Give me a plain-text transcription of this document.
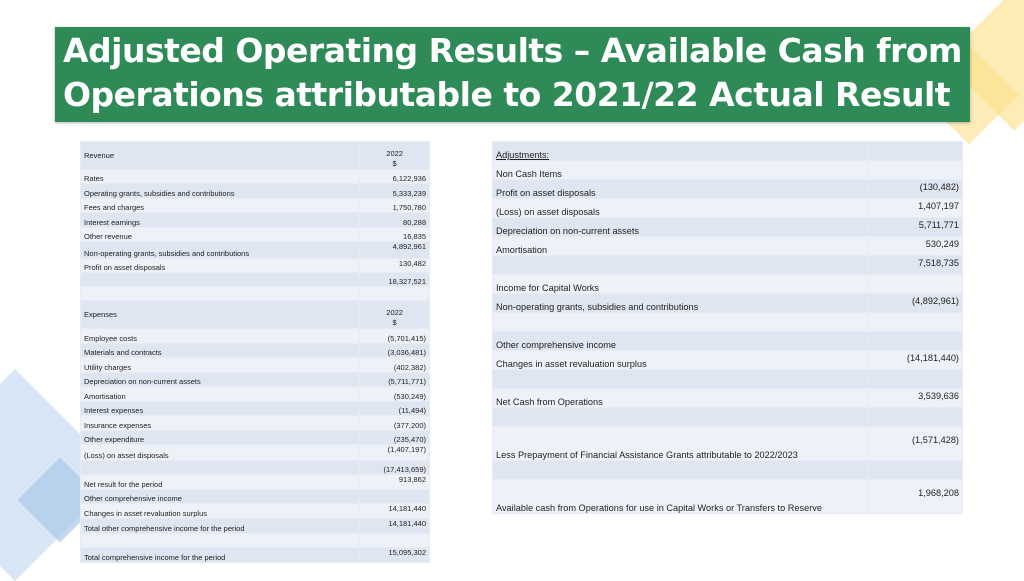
Adjusted Operating Results – Available Cash from Operations attributable to 2021/22 Actual Result
Revenue	2022
$
Rates	6,122,936
Operating grants, subsidies and contributions	5,333,239
Fees and charges	1,750,780
Interest earnings	80,288
Other revenue	16,835
Non-operating grants, subsidies and contributions	4,892,961
Profit on asset disposals	130,482
	18,327,521

Expenses	2022
$
Employee costs	(5,701,415)
Materials and contracts	(3,036,481)
Utility charges	(402,382)
Depreciation on non-current assets	(5,711,771)
Amortisation	(530,249)
Interest expenses	(11,494)
Insurance expenses	(377,200)
Other expenditure	(235,470)
(Loss) on asset disposals	(1,407,197)
	(17,413,659)
Net result for the period	913,862
Other comprehensive income	
Changes in asset revaluation surplus	14,181,440
Total other comprehensive income for the period	14,181,440

Total comprehensive income for the period	15,095,302
Adjustments:	
Non Cash Items	
Profit on asset disposals	(130,482)
(Loss) on asset disposals	1,407,197
Depreciation on non-current assets	5,711,771
Amortisation	530,249
	7,518,735
Income for Capital Works	
Non-operating grants, subsidies and contributions	(4,892,961)

Other comprehensive income	
Changes in asset revaluation surplus	(14,181,440)

Net Cash from Operations	3,539,636

Less Prepayment of Financial Assistance Grants attributable to 2022/2023	(1,571,428)

Available cash from Operations for use in Capital Works or Transfers to Reserve	1,968,208
